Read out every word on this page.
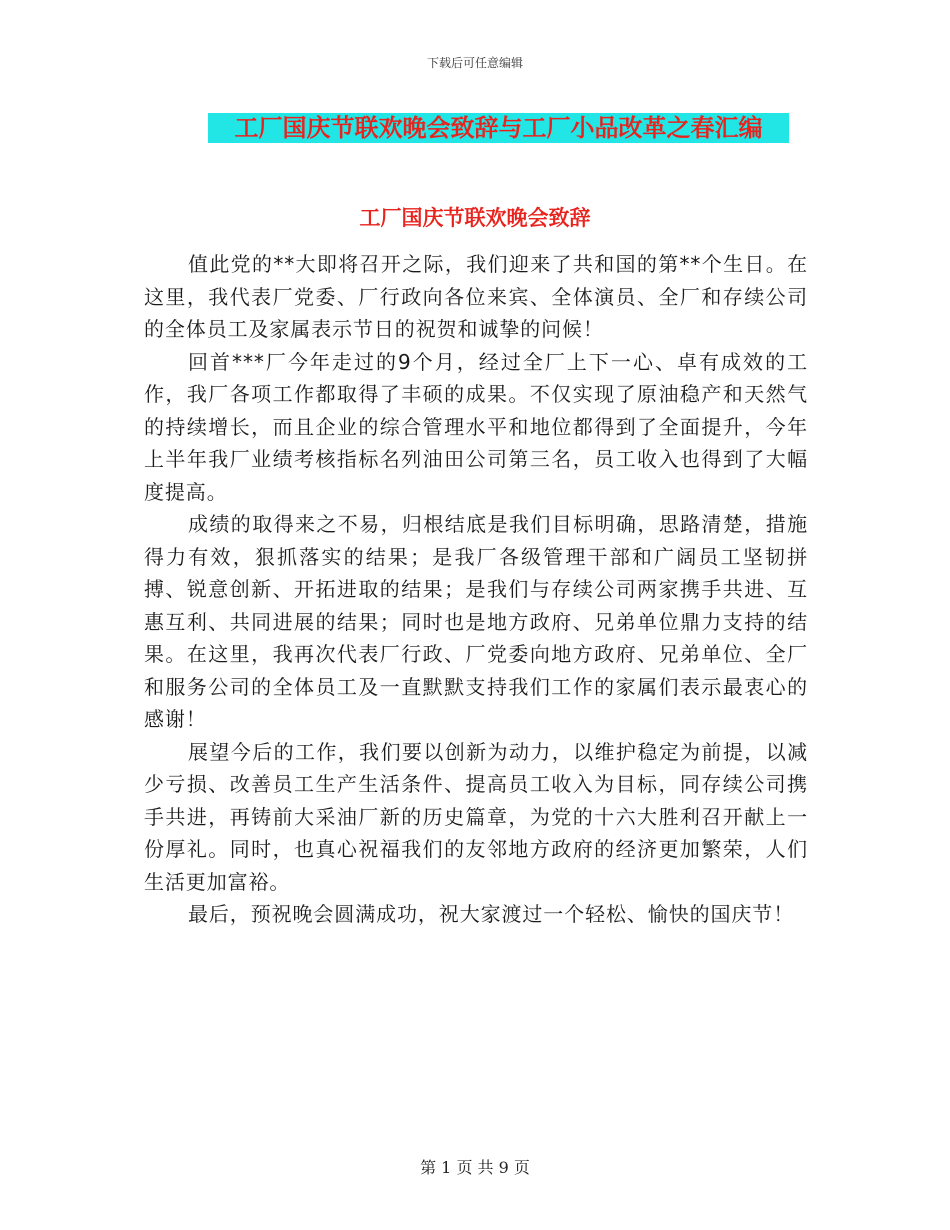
下载后可任意编辑
工厂国庆节联欢晚会致辞与工厂小品改革之春汇编
工厂国庆节联欢晚会致辞

值此党的**大即将召开之际，我们迎来了共和国的第**个生日。在这里，我代表厂党委、厂行政向各位来宾、全体演员、全厂和存续公司的全体员工及家属表示节日的祝贺和诚挚的问候！

回首***厂今年走过的9个月，经过全厂上下一心、卓有成效的工作，我厂各项工作都取得了丰硕的成果。不仅实现了原油稳产和天然气的持续增长，而且企业的综合管理水平和地位都得到了全面提升，今年上半年我厂业绩考核指标名列油田公司第三名，员工收入也得到了大幅度提高。

成绩的取得来之不易，归根结底是我们目标明确，思路清楚，措施得力有效，狠抓落实的结果；是我厂各级管理干部和广阔员工坚韧拼搏、锐意创新、开拓进取的结果；是我们与存续公司两家携手共进、互惠互利、共同进展的结果；同时也是地方政府、兄弟单位鼎力支持的结果。在这里，我再次代表厂行政、厂党委向地方政府、兄弟单位、全厂和服务公司的全体员工及一直默默支持我们工作的家属们表示最衷心的感谢！

展望今后的工作，我们要以创新为动力，以维护稳定为前提，以减少亏损、改善员工生产生活条件、提高员工收入为目标，同存续公司携手共进，再铸前大采油厂新的历史篇章，为党的十六大胜利召开献上一份厚礼。同时，也真心祝福我们的友邻地方政府的经济更加繁荣，人们生活更加富裕。

最后，预祝晚会圆满成功，祝大家渡过一个轻松、愉快的国庆节！

第 1 页 共 9 页
